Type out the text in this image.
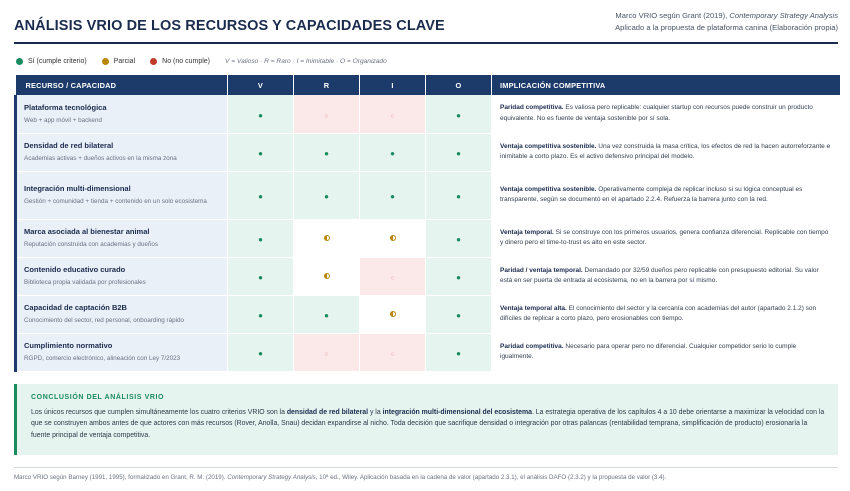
ANÁLISIS VRIO DE LOS RECURSOS Y CAPACIDADES CLAVE
Marco VRIO según Grant (2019), Contemporary Strategy Analysis
Aplicado a la propuesta de plataforma canina (Elaboración propia)
Sí (cumple criterio)	Parcial	No (no cumple) V = Valioso · R = Raro · I = Inimitable · O = Organizado
RECURSO / CAPACIDAD	V	R	I	O	IMPLICACIÓN COMPETITIVA

Plataforma tecnológica
Web + app móvil + backend	●	○	○	●	Paridad competitiva. Es valiosa pero replicable: cualquier startup con recursos puede construir un producto equivalente. No es fuente de ventaja sostenible por sí sola.

Densidad de red bilateral
Academias activas + dueños activos en la misma zona	●	●	●	●	Ventaja competitiva sostenible. Una vez construida la masa crítica, los efectos de red la hacen autorreforzante e inimitable a corto plazo. Es el activo defensivo principal del modelo.

Integración multi-dimensional
Gestión + comunidad + tienda + contenido en un solo ecosistema	●	●	●	●	Ventaja competitiva sostenible. Operativamente compleja de replicar incluso si su lógica conceptual es transparente, según se documentó en el apartado 2.2.4. Refuerza la barrera junto con la red.

Marca asociada al bienestar animal
Reputación construida con academias y dueños	●			●	Ventaja temporal. Si se construye con los primeros usuarios, genera confianza diferencial. Replicable con tiempo y dinero pero el time-to-trust es alto en este sector.

Contenido educativo curado
Biblioteca propia validada por profesionales	●		○	●	Paridad / ventaja temporal. Demandado por 32/59 dueños pero replicable con presupuesto editorial. Su valor está en ser puerta de entrada al ecosistema, no en la barrera por sí mismo.

Capacidad de captación B2B
Conocimiento del sector, red personal, onboarding rápido	●	●		●	Ventaja temporal alta. El conocimiento del sector y la cercanía con academias del autor (apartado 2.1.2) son difíciles de replicar a corto plazo, pero erosionables con tiempo.

Cumplimiento normativo
RGPD, comercio electrónico, alineación con Ley 7/2023	●	○	○	●	Paridad competitiva. Necesario para operar pero no diferencial. Cualquier competidor serio lo cumple igualmente.
CONCLUSIÓN DEL ANÁLISIS VRIO
Los únicos recursos que cumplen simultáneamente los cuatro criterios VRIO son la densidad de red bilateral y la integración multi-dimensional del ecosistema. La estrategia operativa de los capítulos 4 a 10 debe orientarse a maximizar la velocidad con la que se construyen ambos antes de que actores con más recursos (Rover, Anolla, Snau) decidan expandirse al nicho. Toda decisión que sacrifique densidad o integración por otras palancas (rentabilidad temprana, simplificación de producto) erosionaría la fuente principal de ventaja competitiva.
Marco VRIO según Barney (1991, 1995), formalizado en Grant, R. M. (2019). Contemporary Strategy Analysis, 10ª ed., Wiley. Aplicación basada en la cadena de valor (apartado 2.3.1), el análisis DAFO (2.3.2) y la propuesta de valor (3.4).
